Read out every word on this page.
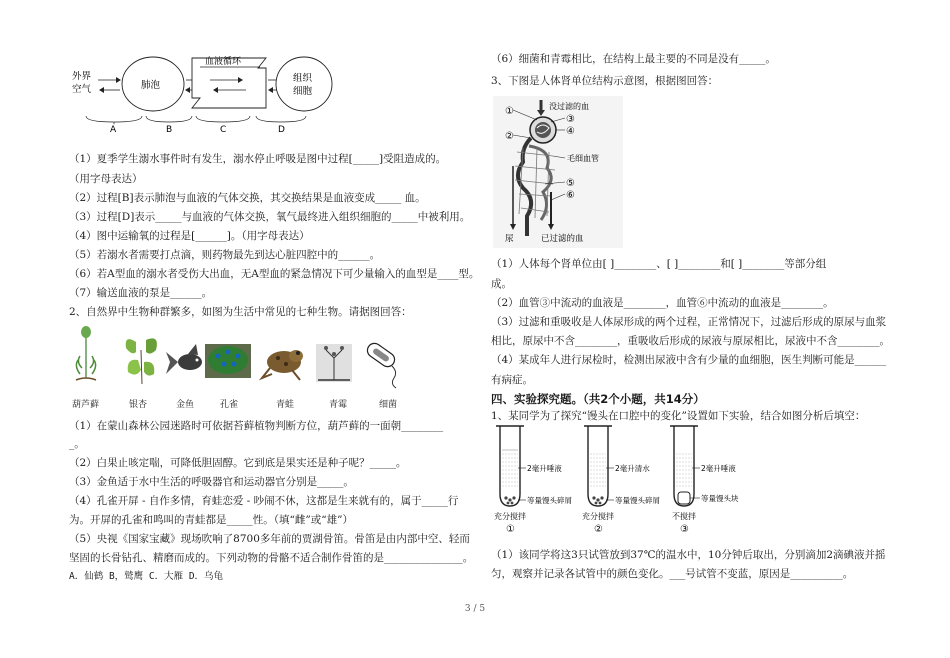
外界
空气	肺泡
血液循环
组织
细胞
A	B	C	D
（1）夏季学生溺水事件时有发生，溺水停止呼吸是图中过程[_____]受阻造成的。
（用字母表达）
（2）过程[B]表示肺泡与血液的气体交换，其交换结果是血液变成_____ 血。
（3）过程[D]表示_____与血液的气体交换，氧气最终进入组织细胞的_____中被利用。
（4）图中运输氧的过程是[______]。（用字母表达）
（5）若溺水者需要打点滴，则药物最先到达心脏四腔中的______。
（6）若A型血的溺水者受伤大出血，无A型血的紧急情况下可少量输入的血型是____型。
（7）输送血液的泵是______。
2、自然界中生物种群繁多，如图为生活中常见的七种生物。请据图回答：
葫芦藓	银杏	金鱼	孔雀	青蛙	青霉	细菌
（1）在蒙山森林公园迷路时可依据苔藓植物判断方位，葫芦藓的一面朝________
_。
（2）白果止咳定喘，可降低胆固醇。它到底是果实还是种子呢？_____。
（3）金鱼适于水中生活的呼吸器官和运动器官分别是_____。
（4）孔雀开屏 - 自作多情，育蛙恋爱 - 吵闹不休，这都是生来就有的，属于_____行
为。开屏的孔雀和鸣叫的青蛙都是_____性。（填“雌”或“雄”）
（5）央视《国家宝藏》现场吹响了8700多年前的贾湖骨笛。骨笛是由内部中空、轻而
坚固的长骨钻孔、精磨而成的。下列动物的骨骼不适合制作骨笛的是_______________。
A．仙鹤 B，鹫鹰 C．大雁 D．乌龟
（6）细菌和青霉相比，在结构上最主要的不同是没有_____。
3、下图是人体肾单位结构示意图，根据图回答：
没过滤的血
①
②
③
④
毛细血管
⑤
⑥
尿	已过滤的血
（1）人体每个肾单位由[ ]________、[ ]________和[ ]________等部分组
成。
（2）血管③中流动的血液是________，血管⑥中流动的血液是________。
（3）过滤和重吸收是人体尿形成的两个过程，正常情况下，过滤后形成的原尿与血浆
相比，原尿中不含________，重吸收后形成的尿液与原尿相比，尿液中不含________。
（4）某成年人进行尿检时，检测出尿液中含有少量的血细胞，医生判断可能是______
有病症。
四、实验探究题。（共2个小题，共14分）
1、某同学为了探究“馒头在口腔中的变化”设置如下实验，结合如图分析后填空：
2毫升唾液
等量馒头碎屑
2毫升清水
等量馒头碎屑
2毫升唾液
等量馒头块
充分搅拌
①
充分搅拌
②
不搅拌
③
（1）该同学将这3只试管放到37℃的温水中，10分钟后取出，分别滴加2滴碘液并摇
匀，观察并记录各试管中的颜色变化。___号试管不变蓝，原因是__________。
3 / 5
